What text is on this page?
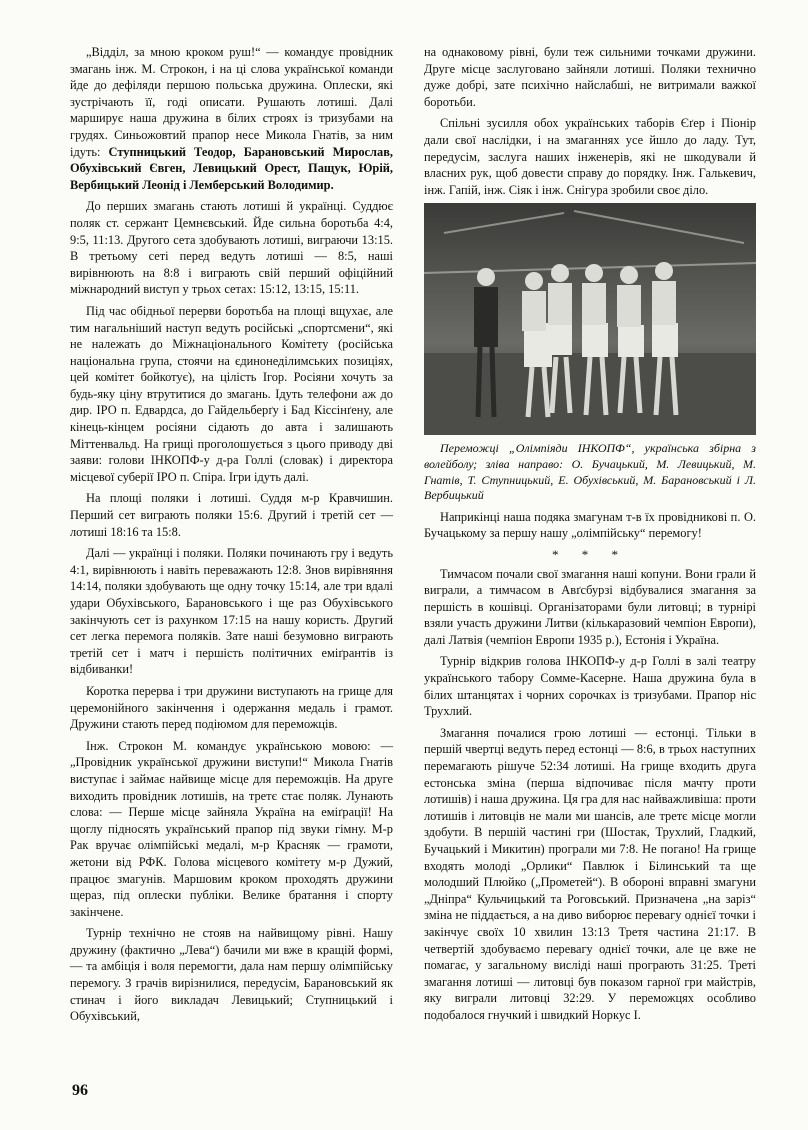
„Відділ, за мною кроком руш!“ — командує провідник змагань інж. М. Строкон, і на ці слова української команди йде до дефіляди першою польська дружина. Оплески, які зустрічають її, годі описати. Рушають лотиші. Далі марширує наша дружина в білих строях із тризубами на грудях. Синьожовтий прапор несе Микола Гнатів, за ним ідуть: Ступницький Теодор, Барановський Мирослав, Обухівський Євген, Левицький Орест, Пащук, Юрій, Вербицький Леонід і Лемберський Володимир.

До перших змагань стають лотиші й українці. Суддює поляк ст. сержант Цемнєвський. Йде сильна боротьба 4:4, 9:5, 11:13. Другого сета здобувають лотиші, виграючи 13:15. В третьому сеті перед ведуть лотиші — 8:5, наші вирівнюють на 8:8 і виграють свій перший офіційний міжнародний виступ у трьох сетах: 15:12, 13:15, 15:11.

Під час обідньої перерви боротьба на площі вщухає, але тим нагальніший наступ ведуть російські „спортсмени“, які не належать до Міжнаціонального Комітету (російська національна група, стоячи на єдинонеділимських позиціях, цей комітет бойкотує), на цілість Ігор. Росіяни хочуть за будь-яку ціну втрутитися до змагань. Ідуть телефони аж до дир. ІРО п. Едвардса, до Гайдельберґу і Бад Кіссінґену, але кінець-кінцем росіяни сідають до авта і залишають Міттенвальд. На грищі проголошується з цього приводу дві заяви: голови ІНКОПФ-у д-ра Голлі (словак) і директора місцевої суберії ІРО п. Спіра. Ігри ідуть далі.

На площі поляки і лотиші. Суддя м-р Кравчишин. Перший сет виграють поляки 15:6. Другий і третій сет — лотиші 18:16 та 15:8.

Далі — українці і поляки. Поляки починають гру і ведуть 4:1, вирівнюють і навіть переважають 12:8. Знов вирівняння 14:14, поляки здобувають ще одну точку 15:14, але три вдалі удари Обухівського, Барановського і ще раз Обухівського закінчують сет із рахунком 17:15 на нашу користь. Другий сет легка перемога поляків. Зате наші безумовно виграють третій сет і матч і першість політичних еміґрантів із відбиванки!

Коротка перерва і три дружини виступають на грище для церемонійного закінчення і одержання медаль і грамот. Дружини стають перед подіюмом для переможців.

Інж. Строкон М. командує українською мовою: — „Провідник української дружини виступи!“ Микола Гнатів виступає і займає найвище місце для переможців. На друге виходить провідник лотишів, на третє стає поляк. Лунають слова: — Перше місце зайняла Україна на еміґрації! На щоглу підносять український прапор під звуки гімну. М-р Рак вручає олімпійські медалі, м-р Красняк — грамоти, жетони від РФК. Голова місцевого комітету м-р Дужий, працює змагунів. Маршовим кроком проходять дружини щераз, під оплески публіки. Велике братання і спорту закінчене.

Турнір технічно не стояв на найвищому рівні. Нашу дружину (фактично „Лева“) бачили ми вже в кращій формі, — та амбіція і воля перемогти, дала нам першу олімпійську перемогу. З грачів вирізнилися, передусім, Барановський як стинач і його викладач Левицький; Ступницький і Обухівський,

на однаковому рівні, були теж сильними точками дружини. Друге місце заслуговано зайняли лотиші. Поляки технично дуже добрі, зате психічно найслабші, не витримали важкої боротьби.

Спільні зусилля обох українських таборів Єґер і Піонір дали свої наслідки, і на змаганнях усе йшло до ладу. Тут, передусім, заслуга наших інженерів, які не шкодували й власних рук, щоб довести справу до порядку. Інж. Галькевич, інж. Гапій, інж. Сіяк і інж. Снігура зробили своє діло.

Переможці „Олімпіяди ІНКОПФ“, українська збірна з волейболу; зліва направо: О. Бучацький, М. Левицький, М. Гнатів, Т. Ступницький, Е. Обухівський, М. Барановський і Л. Вербицький

Наприкінці наша подяка змагунам т-в їх провідникові п. О. Бучацькому за першу нашу „олімпійську“ перемогу!

* * *

Тимчасом почали свої змагання наші копуни. Вони грали й виграли, а тимчасом в Авґсбурзі відбувалися змагання за першість в кошівці. Організаторами були литовці; в турнірі взяли участь дружини Литви (кількаразовий чемпіон Европи), далі Латвія (чемпіон Европи 1935 р.), Естонія і Україна.

Турнір відкрив голова ІНКОПФ-у д-р Голлі в залі театру українського табору Сомме-Касерне. Наша дружина була в білих штанцятах і чорних сорочках із тризубами. Прапор ніс Трухлий.

Змагання почалися грою лотиші — естонці. Тільки в першій чвертці ведуть перед естонці — 8:6, в трьох наступних перемагають рішуче 52:34 лотиші. На грище входить друга естонська зміна (перша відпочиває після мачту проти лотишів) і наша дружина. Ця гра для нас найважливіша: проти лотишів і литовців не мали ми шансів, але третє місце могли здобути. В першій частині гри (Шостак, Трухлий, Гладкий, Бучацький і Микитин) програли ми 7:8. Не погано! На грище входять молоді „Орлики“ Павлюк і Білинський та ще молодший Плюйко („Прометей“). В обороні вправні змагуни „Дніпра“ Кульчицький та Роговський. Призначена „на заріз“ зміна не піддається, а на диво виборює перевагу однієї точки і закінчує своїх 10 хвилин 13:13 Третя частина 21:17. В четвертій здобуваємо перевагу однієї точки, але це вже не помагає, у загальному висліді наші програють 31:25. Треті змагання лотиші — литовці був показом гарної гри майстрів, яку виграли литовці 32:29. У переможцях особливо подобалося гнучкий і швидкий Норкус І.

96
